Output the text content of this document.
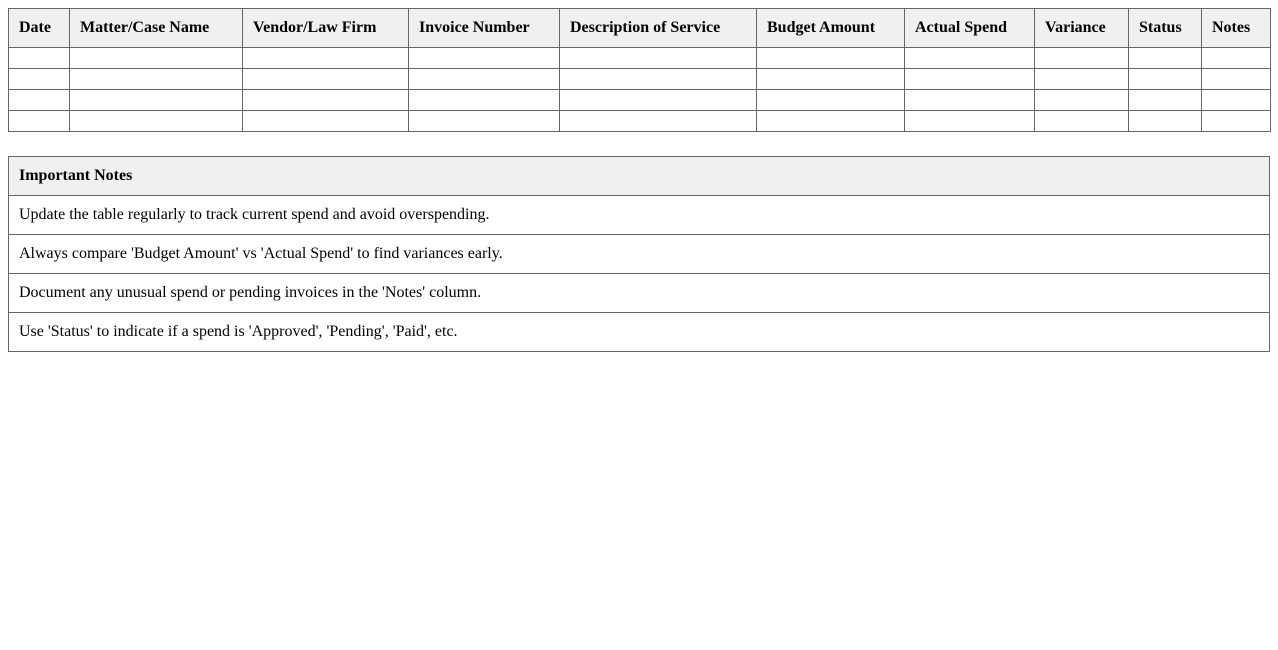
Date	Matter/Case Name	Vendor/Law Firm	Invoice Number	Description of Service	Budget Amount	Actual Spend	Variance	Status	Notes

Important Notes
Update the table regularly to track current spend and avoid overspending.
Always compare 'Budget Amount' vs 'Actual Spend' to find variances early.
Document any unusual spend or pending invoices in the 'Notes' column.
Use 'Status' to indicate if a spend is 'Approved', 'Pending', 'Paid', etc.
